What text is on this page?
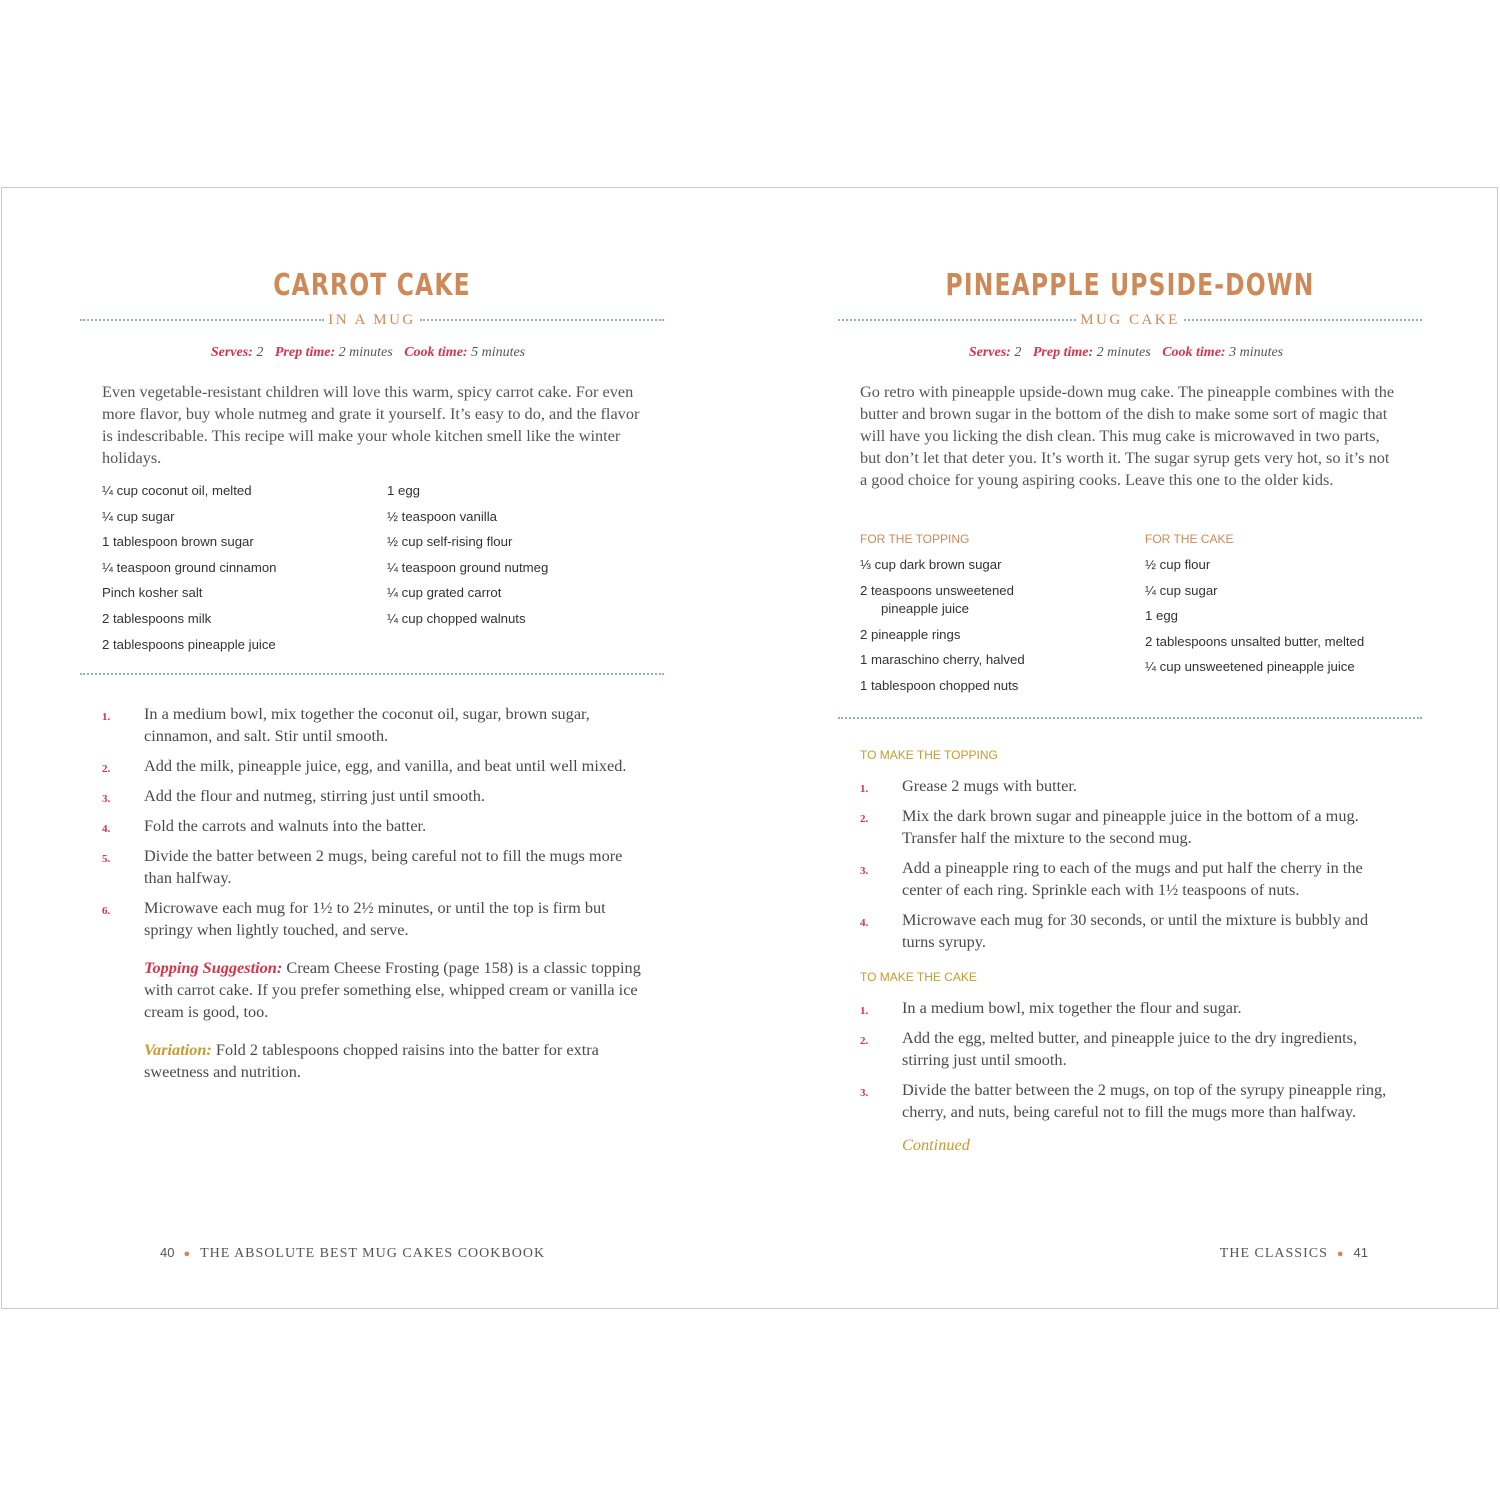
CARROT CAKE
IN A MUG
Serves: 2 Prep time: 2 minutes Cook time: 5 minutes
Even vegetable-resistant children will love this warm, spicy carrot cake. For even more flavor, buy whole nutmeg and grate it yourself. It’s easy to do, and the flavor is indescribable. This recipe will make your whole kitchen smell like the winter holidays.
¼ cup coconut oil, melted
¼ cup sugar
1 tablespoon brown sugar
¼ teaspoon ground cinnamon
Pinch kosher salt
2 tablespoons milk
2 tablespoons pineapple juice
1 egg
½ teaspoon vanilla
½ cup self-rising flour
¼ teaspoon ground nutmeg
¼ cup grated carrot
¼ cup chopped walnuts
1. In a medium bowl, mix together the coconut oil, sugar, brown sugar, cinnamon, and salt. Stir until smooth.
2. Add the milk, pineapple juice, egg, and vanilla, and beat until well mixed.
3. Add the flour and nutmeg, stirring just until smooth.
4. Fold the carrots and walnuts into the batter.
5. Divide the batter between 2 mugs, being careful not to fill the mugs more than halfway.
6. Microwave each mug for 1½ to 2½ minutes, or until the top is firm but springy when lightly touched, and serve.
Topping Suggestion: Cream Cheese Frosting (page 158) is a classic topping with carrot cake. If you prefer something else, whipped cream or vanilla ice cream is good, too.
Variation: Fold 2 tablespoons chopped raisins into the batter for extra sweetness and nutrition.
40 ● THE ABSOLUTE BEST MUG CAKES COOKBOOK
PINEAPPLE UPSIDE-DOWN
MUG CAKE
Serves: 2 Prep time: 2 minutes Cook time: 3 minutes
Go retro with pineapple upside-down mug cake. The pineapple combines with the butter and brown sugar in the bottom of the dish to make some sort of magic that will have you licking the dish clean. This mug cake is microwaved in two parts, but don’t let that deter you. It’s worth it. The sugar syrup gets very hot, so it’s not a good choice for young aspiring cooks. Leave this one to the older kids.
FOR THE TOPPING
⅓ cup dark brown sugar
2 teaspoons unsweetened
pineapple juice
2 pineapple rings
1 maraschino cherry, halved
1 tablespoon chopped nuts
FOR THE CAKE
½ cup flour
¼ cup sugar
1 egg
2 tablespoons unsalted butter, melted
¼ cup unsweetened pineapple juice
TO MAKE THE TOPPING
1. Grease 2 mugs with butter.
2. Mix the dark brown sugar and pineapple juice in the bottom of a mug. Transfer half the mixture to the second mug.
3. Add a pineapple ring to each of the mugs and put half the cherry in the center of each ring. Sprinkle each with 1½ teaspoons of nuts.
4. Microwave each mug for 30 seconds, or until the mixture is bubbly and turns syrupy.
TO MAKE THE CAKE
1. In a medium bowl, mix together the flour and sugar.
2. Add the egg, melted butter, and pineapple juice to the dry ingredients, stirring just until smooth.
3. Divide the batter between the 2 mugs, on top of the syrupy pineapple ring, cherry, and nuts, being careful not to fill the mugs more than halfway.
Continued
THE CLASSICS ● 41
